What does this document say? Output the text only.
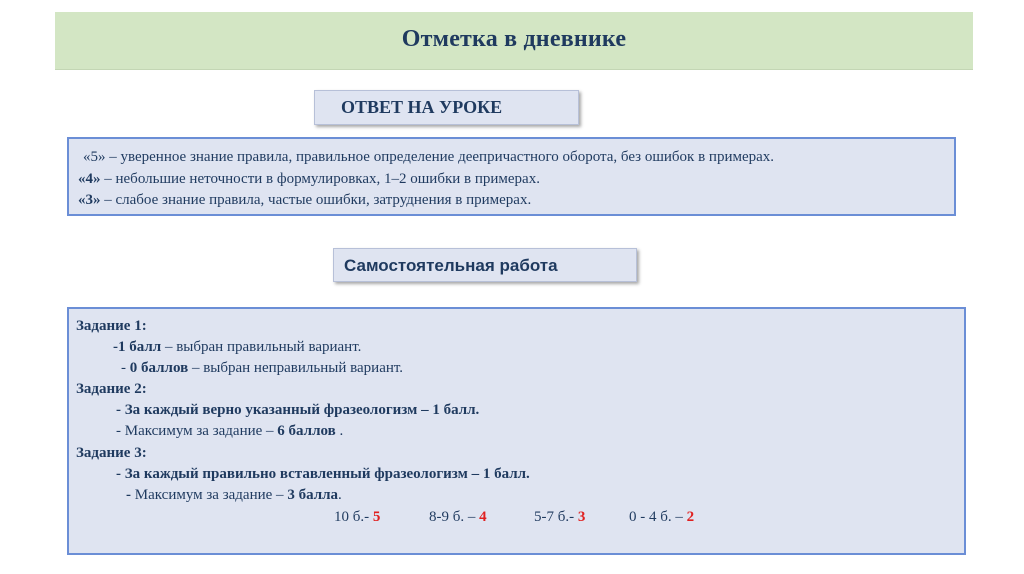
Отметка в дневнике
ОТВЕТ НА УРОКЕ
«5» – уверенное знание правила, правильное определение деепричастного оборота, без ошибок в примерах.
«4» – небольшие неточности в формулировках, 1–2 ошибки в примерах.
«3» – слабое знание правила, частые ошибки, затруднения в примерах.
Самостоятельная работа
Задание 1:
-1 балл – выбран правильный вариант.
- 0 баллов – выбран неправильный вариант.
Задание 2:
- За каждый верно указанный фразеологизм – 1 балл.
- Максимум за задание – 6 баллов .
Задание 3:
- За каждый правильно вставленный фразеологизм – 1 балл.
- Максимум за задание – 3 балла.
10 б.- 5	8-9 б. – 4	5-7 б.- 3	0 - 4 б. – 2
